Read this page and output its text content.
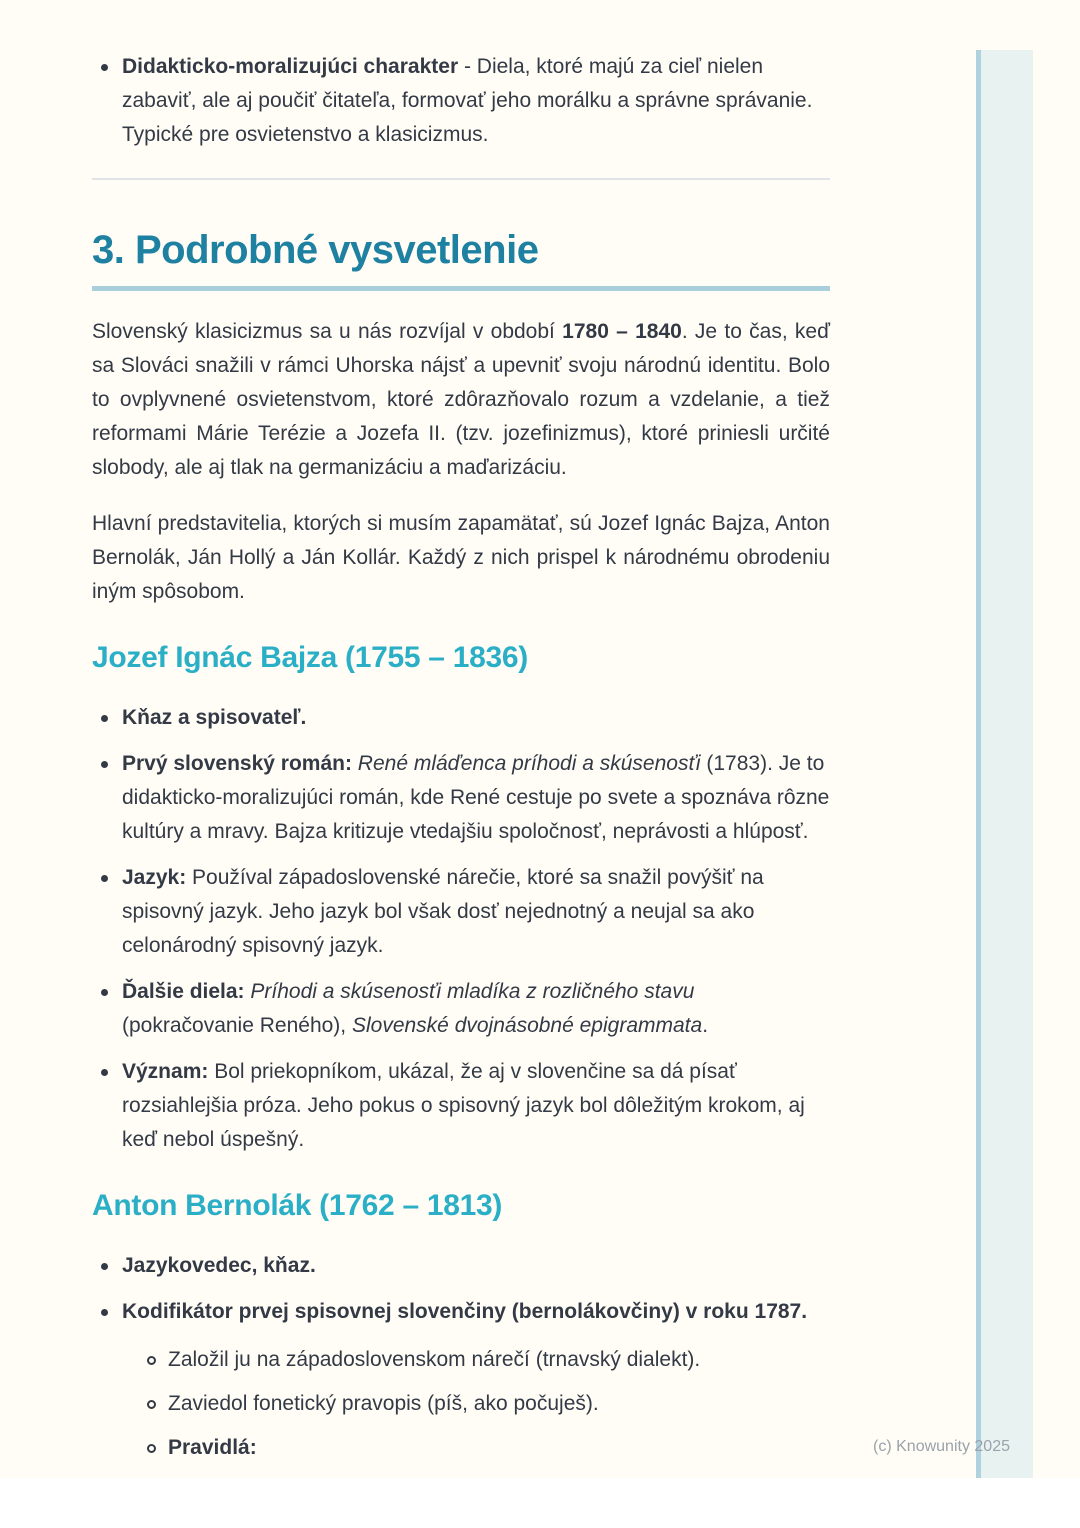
Didakticko-moralizujúci charakter - Diela, ktoré majú za cieľ nielen zabaviť, ale aj poučiť čitateľa, formovať jeho morálku a správne správanie. Typické pre osvietenstvo a klasicizmus.
3. Podrobné vysvetlenie
Slovenský klasicizmus sa u nás rozvíjal v období 1780 – 1840. Je to čas, keď sa Slováci snažili v rámci Uhorska nájsť a upevniť svoju národnú identitu. Bolo to ovplyvnené osvietenstvom, ktoré zdôrazňovalo rozum a vzdelanie, a tiež reformami Márie Terézie a Jozefa II. (tzv. jozefinizmus), ktoré priniesli určité slobody, ale aj tlak na germanizáciu a maďarizáciu.
Hlavní predstavitelia, ktorých si musím zapamätať, sú Jozef Ignác Bajza, Anton Bernolák, Ján Hollý a Ján Kollár. Každý z nich prispel k národnému obrodeniu iným spôsobom.
Jozef Ignác Bajza (1755 – 1836)
Kňaz a spisovateľ.
Prvý slovenský román: René mláďenca príhodi a skúsenosťi (1783). Je to didakticko-moralizujúci román, kde René cestuje po svete a spoznáva rôzne kultúry a mravy. Bajza kritizuje vtedajšiu spoločnosť, neprávosti a hlúposť.
Jazyk: Používal západoslovenské nárečie, ktoré sa snažil povýšiť na spisovný jazyk. Jeho jazyk bol však dosť nejednotný a neujal sa ako celonárodný spisovný jazyk.
Ďalšie diela: Príhodi a skúsenosťi mladíka z rozličného stavu (pokračovanie Reného), Slovenské dvojnásobné epigrammata.
Význam: Bol priekopníkom, ukázal, že aj v slovenčine sa dá písať rozsiahlejšia próza. Jeho pokus o spisovný jazyk bol dôležitým krokom, aj keď nebol úspešný.
Anton Bernolák (1762 – 1813)
Jazykovedec, kňaz.
Kodifikátor prvej spisovnej slovenčiny (bernolákovčiny) v roku 1787.
Založil ju na západoslovenskom nárečí (trnavský dialekt).
Zaviedol fonetický pravopis (píš, ako počuješ).
Pravidlá:	(c) Knowunity 2025
